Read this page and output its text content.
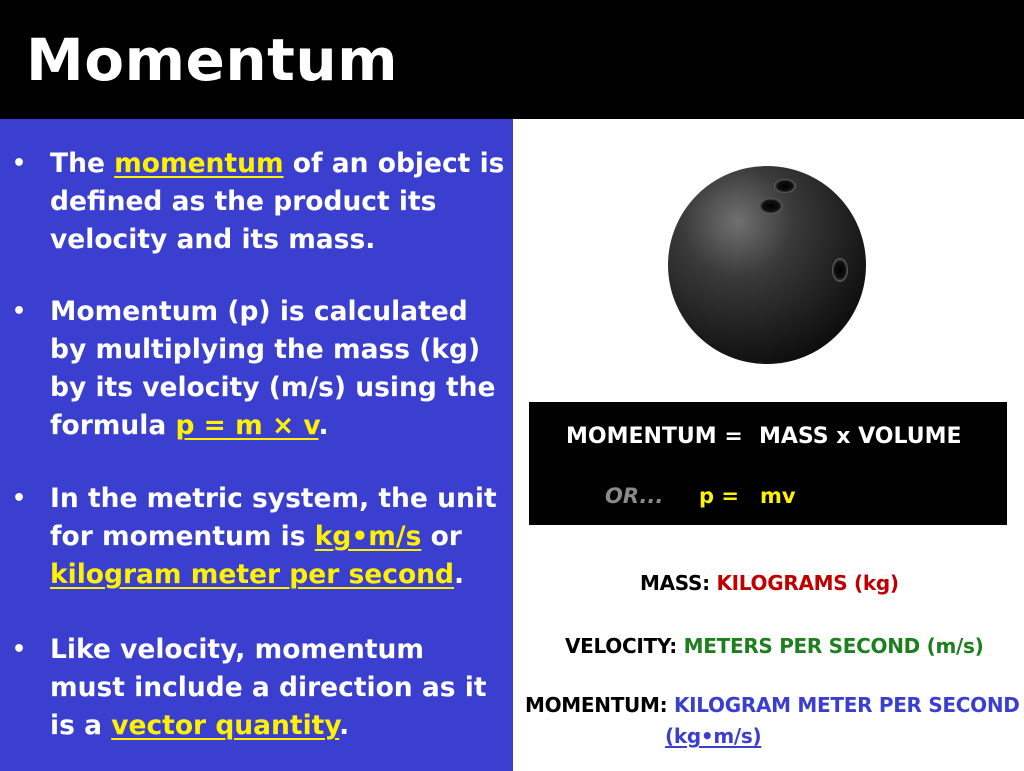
Momentum
• The momentum of an object is defined as the product its velocity and its mass.
• Momentum (p) is calculated by multiplying the mass (kg) by its velocity (m/s) using the formula p = m × v.
• In the metric system, the unit for momentum is kg•m/s or kilogram meter per second.
• Like velocity, momentum must include a direction as it is a vector quantity.
MOMENTUM = MASS x VOLUME
OR... p = mv
MASS: KILOGRAMS (kg)
VELOCITY: METERS PER SECOND (m/s)
MOMENTUM: KILOGRAM METER PER SECOND
(kg•m/s)
